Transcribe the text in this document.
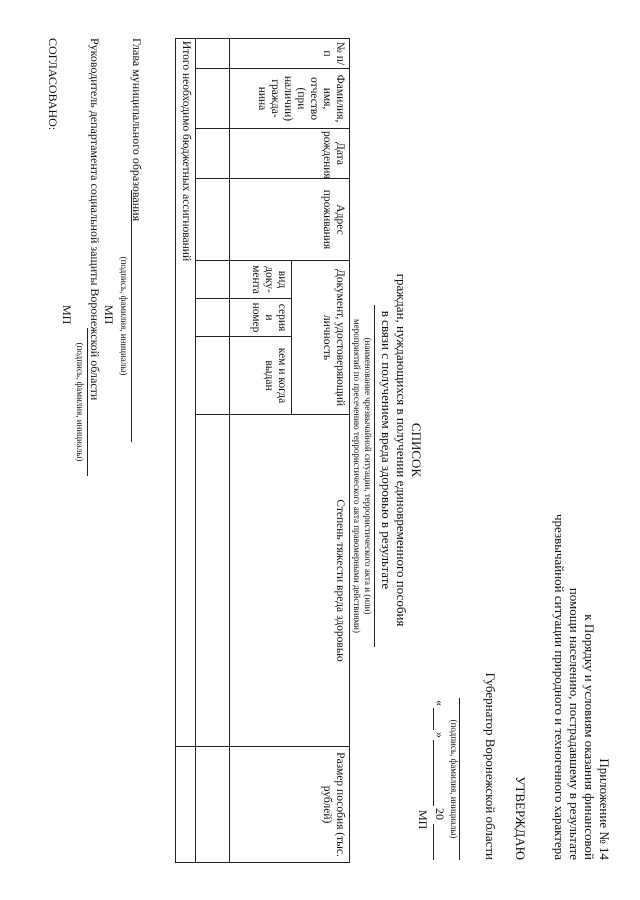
Приложение № 14
к Порядку и условиям оказания финансовой
помощи населению, пострадавшему в результате
чрезвычайной ситуации природного и техногенного характера
УТВЕРЖДАЮ
Губернатор Воронежской области
(подпись, фамилия, инициалы)
«
»
20
МП
СПИСОК
граждан, нуждающихся в получении единовременного пособия
в связи с получением вреда здоровью в результате
(наименование чрезвычайной ситуации, террористического акта и (или)
мероприятий по пресечению террористического акта правомерными действиями)
№ п/п	Фамилия, имя, отчество (при наличии) гражда-нина	Дата рождения	Адрес проживания	Документ, удостоверяющий личность			Степень тяжести вреда здоровью	Размер пособия (тыс. рублей)
				вид доку-мента	серия и номер	кем и когда выдан		

Итого необходимо бюджетных ассигнований								
Глава муниципального образования
(подпись, фамилия, инициалы)
МП
Руководитель департамента социальной защиты Воронежской области
(подпись, фамилия, инициалы)
МП
СОГЛАСОВАНО:
